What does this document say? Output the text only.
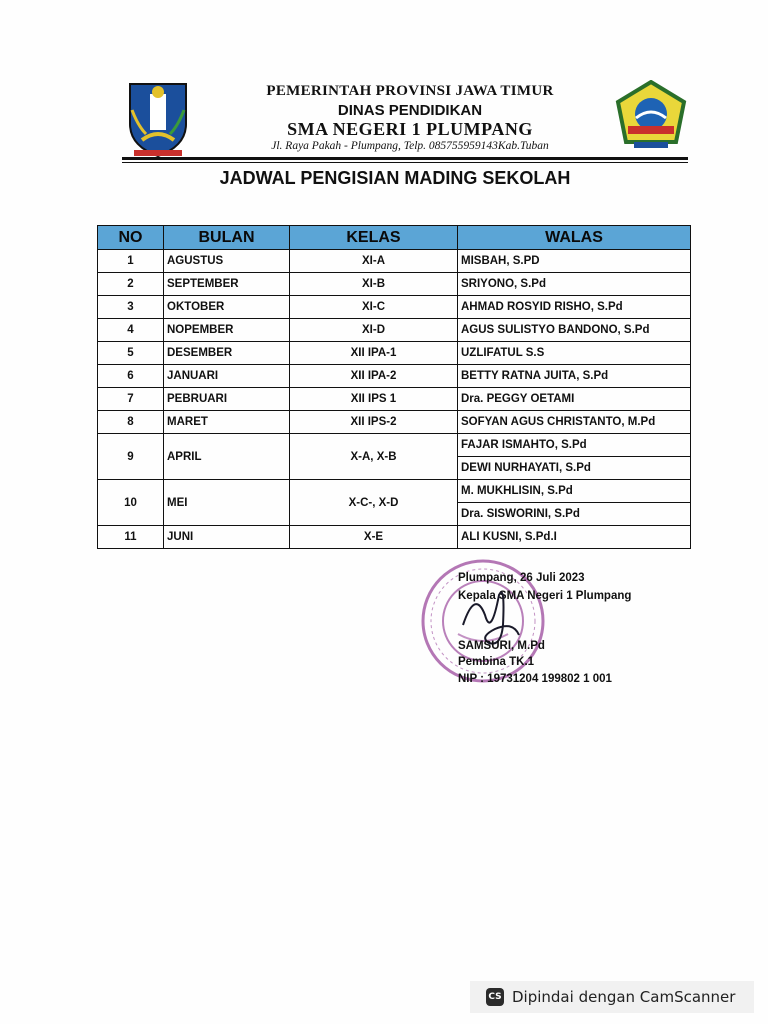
PEMERINTAH PROVINSI JAWA TIMUR
DINAS PENDIDIKAN
SMA NEGERI 1 PLUMPANG
Jl. Raya Pakah - Plumpang, Telp. 085755959143Kab.Tuban
JADWAL PENGISIAN MADING SEKOLAH
NO	BULAN	KELAS	WALAS
1	AGUSTUS	XI-A	MISBAH, S.PD
2	SEPTEMBER	XI-B	SRIYONO, S.Pd
3	OKTOBER	XI-C	AHMAD ROSYID RISHO, S.Pd
4	NOPEMBER	XI-D	AGUS SULISTYO BANDONO, S.Pd
5	DESEMBER	XII IPA-1	UZLIFATUL S.S
6	JANUARI	XII IPA-2	BETTY RATNA JUITA, S.Pd
7	PEBRUARI	XII IPS 1	Dra. PEGGY OETAMI
8	MARET	XII IPS-2	SOFYAN AGUS CHRISTANTO, M.Pd
9	APRIL	X-A, X-B	FAJAR ISMAHTO, S.Pd
			DEWI NURHAYATI, S.Pd
10	MEI	X-C-, X-D	M. MUKHLISIN, S.Pd
			Dra. SISWORINI, S.Pd
11	JUNI	X-E	ALI KUSNI, S.Pd.I
Plumpang, 26 Juli 2023
Kepala SMA Negeri 1 Plumpang
SAMSURI, M.Pd
Pembina TK.1
NIP : 19731204 199802 1 001
CS Dipindai dengan CamScanner
